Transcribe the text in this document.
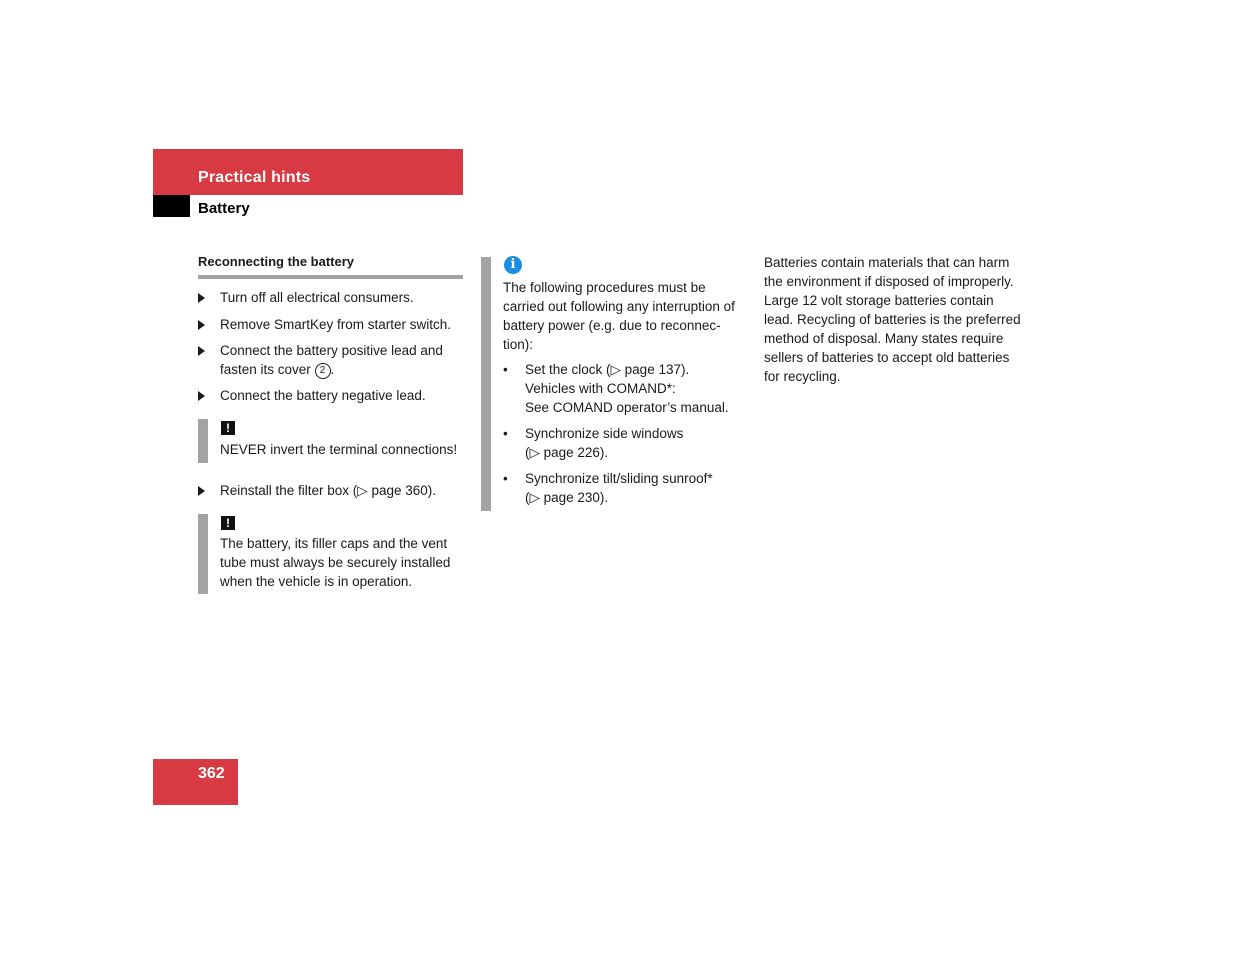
Practical hints
Battery
Reconnecting the battery
Turn off all electrical consumers.
Remove SmartKey from starter switch.
Connect the battery positive lead and
fasten its cover 2 .
Connect the battery negative lead.
!
NEVER invert the terminal connections!
Reinstall the filter box (▷ page 360).
!
The battery, its filler caps and the vent
tube must always be securely installed
when the vehicle is in operation.
i
The following procedures must be
carried out following any interruption of
battery power (e.g. due to reconnec-
tion):
• Set the clock (▷ page 137).
Vehicles with COMAND*:
See COMAND operator’s manual.
• Synchronize side windows
(▷ page 226).
• Synchronize tilt/sliding sunroof*
(▷ page 230).
Batteries contain materials that can harm
the environment if disposed of improperly.
Large 12 volt storage batteries contain
lead. Recycling of batteries is the preferred
method of disposal. Many states require
sellers of batteries to accept old batteries
for recycling.
362
